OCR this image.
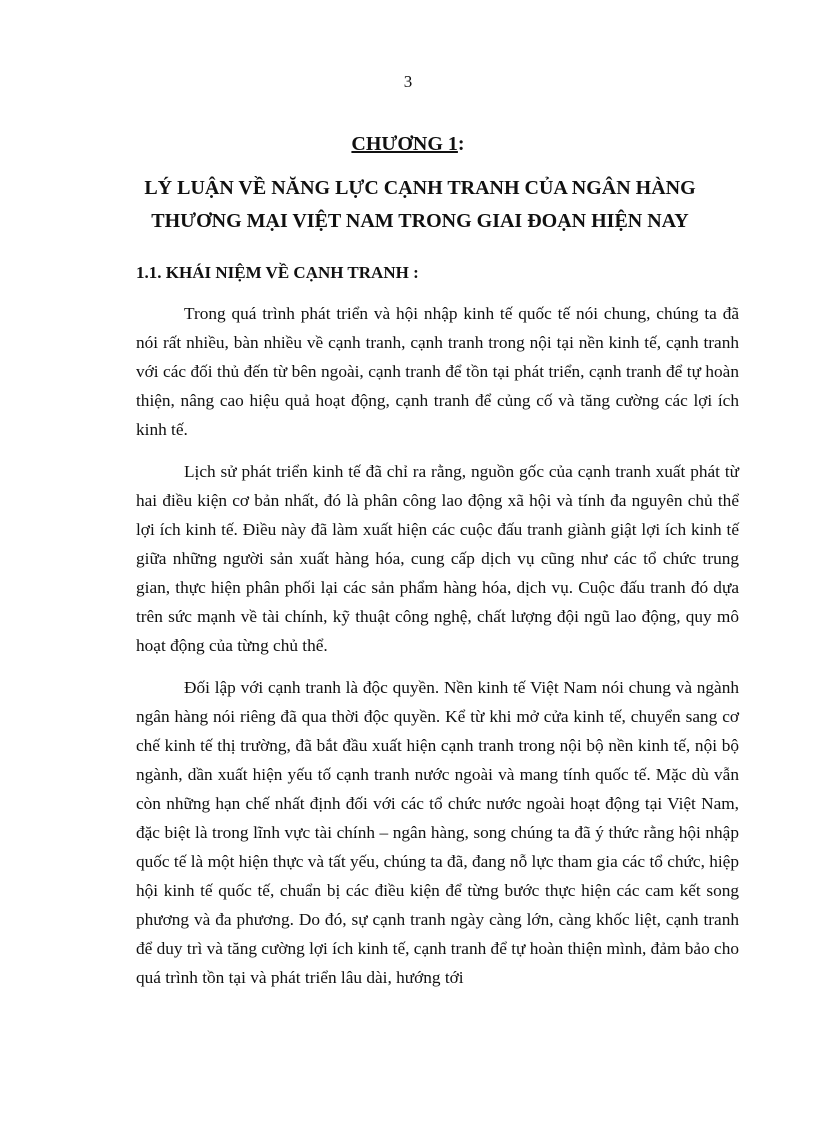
3
CHƯƠNG 1:
LÝ LUẬN VỀ NĂNG LỰC CẠNH TRANH CỦA NGÂN HÀNG THƯƠNG MẠI VIỆT NAM TRONG GIAI ĐOẠN HIỆN NAY
1.1. KHÁI NIỆM VỀ CẠNH TRANH :

Trong quá trình phát triển và hội nhập kinh tế quốc tế nói chung, chúng ta đã nói rất nhiều, bàn nhiều về cạnh tranh, cạnh tranh trong nội tại nền kinh tế, cạnh tranh với các đối thủ đến từ bên ngoài, cạnh tranh để tồn tại phát triển, cạnh tranh để tự hoàn thiện, nâng cao hiệu quả hoạt động, cạnh tranh để củng cố và tăng cường các lợi ích kinh tế.

Lịch sử phát triển kinh tế đã chỉ ra rằng, nguồn gốc của cạnh tranh xuất phát từ hai điều kiện cơ bản nhất, đó là phân công lao động xã hội và tính đa nguyên chủ thể lợi ích kinh tế. Điều này đã làm xuất hiện các cuộc đấu tranh giành giật lợi ích kinh tế giữa những người sản xuất hàng hóa, cung cấp dịch vụ cũng như các tổ chức trung gian, thực hiện phân phối lại các sản phẩm hàng hóa, dịch vụ. Cuộc đấu tranh đó dựa trên sức mạnh về tài chính, kỹ thuật công nghệ, chất lượng đội ngũ lao động, quy mô hoạt động của từng chủ thể.

Đối lập với cạnh tranh là độc quyền. Nền kinh tế Việt Nam nói chung và ngành ngân hàng nói riêng đã qua thời độc quyền. Kể từ khi mở cửa kinh tế, chuyển sang cơ chế kinh tế thị trường, đã bắt đầu xuất hiện cạnh tranh trong nội bộ nền kinh tế, nội bộ ngành, dần xuất hiện yếu tố cạnh tranh nước ngoài và mang tính quốc tế. Mặc dù vẫn còn những hạn chế nhất định đối với các tổ chức nước ngoài hoạt động tại Việt Nam, đặc biệt là trong lĩnh vực tài chính – ngân hàng, song chúng ta đã ý thức rằng hội nhập quốc tế là một hiện thực và tất yếu, chúng ta đã, đang nỗ lực tham gia các tổ chức, hiệp hội kinh tế quốc tế, chuẩn bị các điều kiện để từng bước thực hiện các cam kết song phương và đa phương. Do đó, sự cạnh tranh ngày càng lớn, càng khốc liệt, cạnh tranh để duy trì và tăng cường lợi ích kinh tế, cạnh tranh để tự hoàn thiện mình, đảm bảo cho quá trình tồn tại và phát triển lâu dài, hướng tới
